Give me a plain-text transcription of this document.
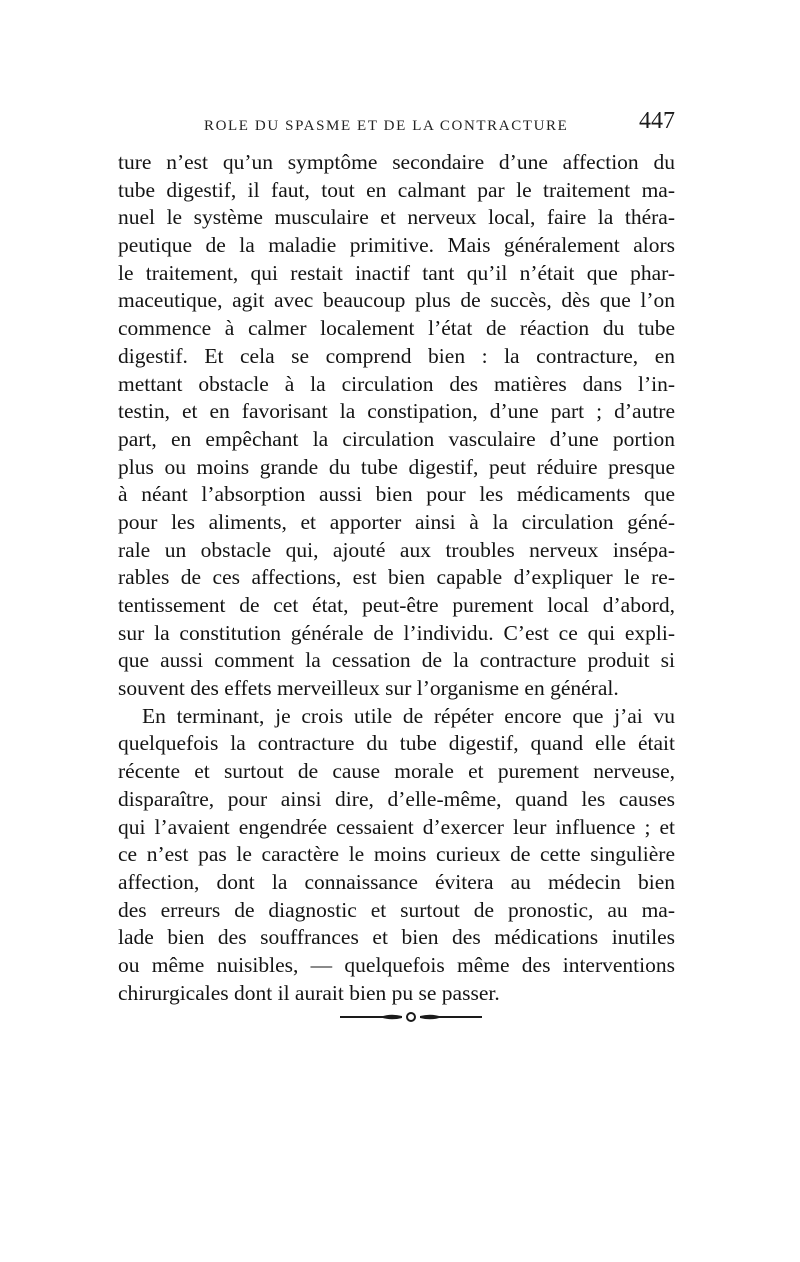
ROLE DU SPASME ET DE LA CONTRACTURE	447
ture n’est qu’un symptôme secondaire d’une affection du
tube digestif, il faut, tout en calmant par le traitement ma-
nuel le système musculaire et nerveux local, faire la théra-
peutique de la maladie primitive. Mais généralement alors
le traitement, qui restait inactif tant qu’il n’était que phar-
maceutique, agit avec beaucoup plus de succès, dès que l’on
commence à calmer localement l’état de réaction du tube
digestif. Et cela se comprend bien : la contracture, en
mettant obstacle à la circulation des matières dans l’in-
testin, et en favorisant la constipation, d’une part ; d’autre
part, en empêchant la circulation vasculaire d’une portion
plus ou moins grande du tube digestif, peut réduire presque
à néant l’absorption aussi bien pour les médicaments que
pour les aliments, et apporter ainsi à la circulation géné-
rale un obstacle qui, ajouté aux troubles nerveux insépa-
rables de ces affections, est bien capable d’expliquer le re-
tentissement de cet état, peut-être purement local d’abord,
sur la constitution générale de l’individu. C’est ce qui expli-
que aussi comment la cessation de la contracture produit si
souvent des effets merveilleux sur l’organisme en général.
En terminant, je crois utile de répéter encore que j’ai vu
quelquefois la contracture du tube digestif, quand elle était
récente et surtout de cause morale et purement nerveuse,
disparaître, pour ainsi dire, d’elle-même, quand les causes
qui l’avaient engendrée cessaient d’exercer leur influence ; et
ce n’est pas le caractère le moins curieux de cette singulière
affection, dont la connaissance évitera au médecin bien
des erreurs de diagnostic et surtout de pronostic, au ma-
lade bien des souffrances et bien des médications inutiles
ou même nuisibles, — quelquefois même des interventions
chirurgicales dont il aurait bien pu se passer.
